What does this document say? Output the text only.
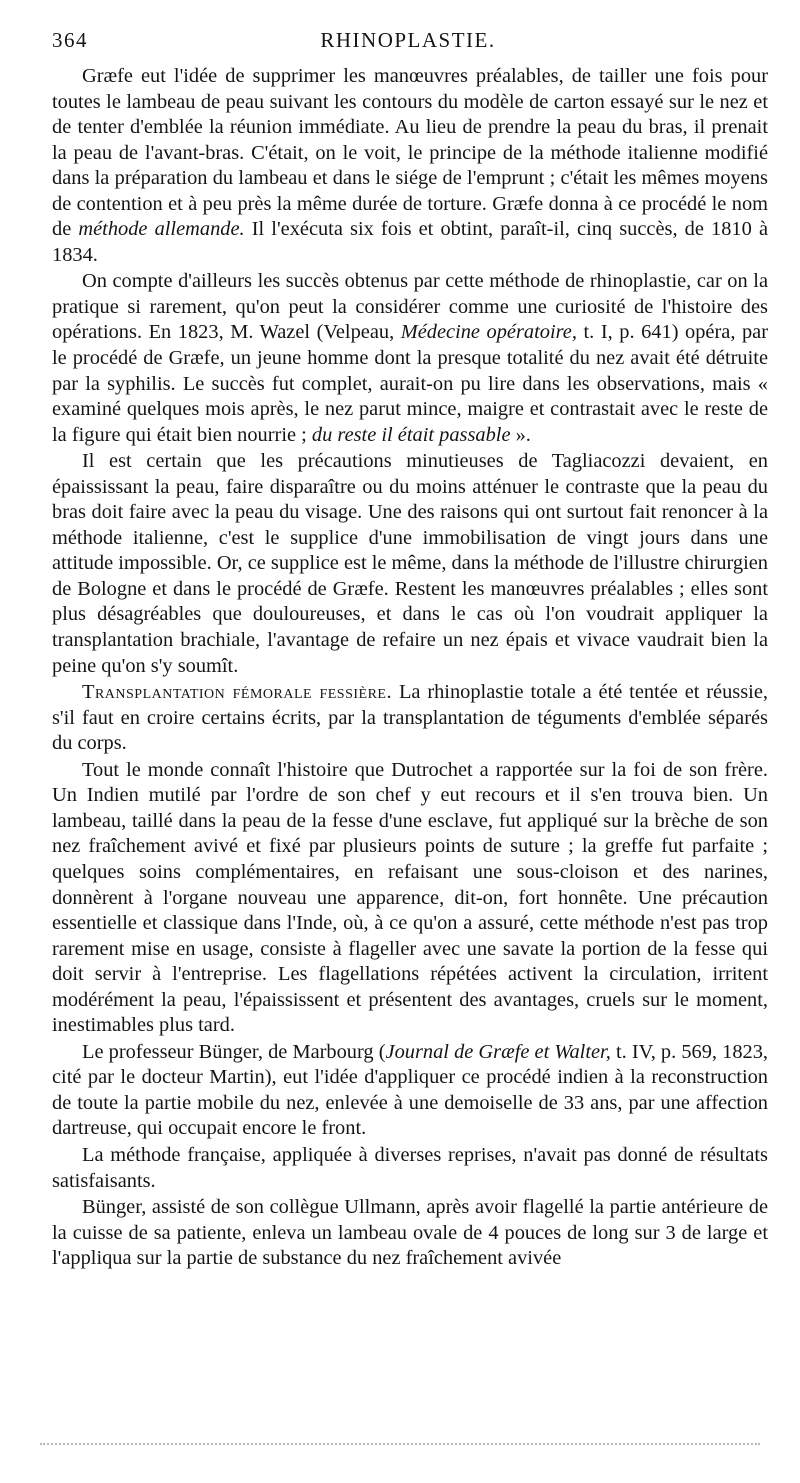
364	RHINOPLASTIE.

Græfe eut l'idée de supprimer les manœuvres préalables, de tailler une fois pour toutes le lambeau de peau suivant les contours du modèle de carton essayé sur le nez et de tenter d'emblée la réunion immédiate. Au lieu de prendre la peau du bras, il prenait la peau de l'avant-bras. C'était, on le voit, le principe de la méthode italienne modifié dans la préparation du lambeau et dans le siége de l'emprunt ; c'était les mêmes moyens de contention et à peu près la même durée de torture. Græfe donna à ce procédé le nom de méthode allemande. Il l'exécuta six fois et obtint, paraît-il, cinq succès, de 1810 à 1834.

On compte d'ailleurs les succès obtenus par cette méthode de rhinoplastie, car on la pratique si rarement, qu'on peut la considérer comme une curiosité de l'histoire des opérations. En 1823, M. Wazel (Velpeau, Médecine opératoire, t. I, p. 641) opéra, par le procédé de Græfe, un jeune homme dont la presque totalité du nez avait été détruite par la syphilis. Le succès fut complet, aurait-on pu lire dans les observations, mais « examiné quelques mois après, le nez parut mince, maigre et contrastait avec le reste de la figure qui était bien nourrie ; du reste il était passable ».

Il est certain que les précautions minutieuses de Tagliacozzi devaient, en épaississant la peau, faire disparaître ou du moins atténuer le contraste que la peau du bras doit faire avec la peau du visage. Une des raisons qui ont surtout fait renoncer à la méthode italienne, c'est le supplice d'une immobilisation de vingt jours dans une attitude impossible. Or, ce supplice est le même, dans la méthode de l'illustre chirurgien de Bologne et dans le procédé de Græfe. Restent les manœuvres préalables ; elles sont plus désagréables que douloureuses, et dans le cas où l'on voudrait appliquer la transplantation brachiale, l'avantage de refaire un nez épais et vivace vaudrait bien la peine qu'on s'y soumît.

Transplantation fémorale fessière. La rhinoplastie totale a été tentée et réussie, s'il faut en croire certains écrits, par la transplantation de téguments d'emblée séparés du corps.

Tout le monde connaît l'histoire que Dutrochet a rapportée sur la foi de son frère. Un Indien mutilé par l'ordre de son chef y eut recours et il s'en trouva bien. Un lambeau, taillé dans la peau de la fesse d'une esclave, fut appliqué sur la brèche de son nez fraîchement avivé et fixé par plusieurs points de suture ; la greffe fut parfaite ; quelques soins complémentaires, en refaisant une sous-cloison et des narines, donnèrent à l'organe nouveau une apparence, dit-on, fort honnête. Une précaution essentielle et classique dans l'Inde, où, à ce qu'on a assuré, cette méthode n'est pas trop rarement mise en usage, consiste à flageller avec une savate la portion de la fesse qui doit servir à l'entreprise. Les flagellations répétées activent la circulation, irritent modérément la peau, l'épaississent et présentent des avantages, cruels sur le moment, inestimables plus tard.

Le professeur Bünger, de Marbourg (Journal de Græfe et Walter, t. IV, p. 569, 1823, cité par le docteur Martin), eut l'idée d'appliquer ce procédé indien à la reconstruction de toute la partie mobile du nez, enlevée à une demoiselle de 33 ans, par une affection dartreuse, qui occupait encore le front.

La méthode française, appliquée à diverses reprises, n'avait pas donné de résultats satisfaisants.

Bünger, assisté de son collègue Ullmann, après avoir flagellé la partie antérieure de la cuisse de sa patiente, enleva un lambeau ovale de 4 pouces de long sur 3 de large et l'appliqua sur la partie de substance du nez fraîchement avivée
